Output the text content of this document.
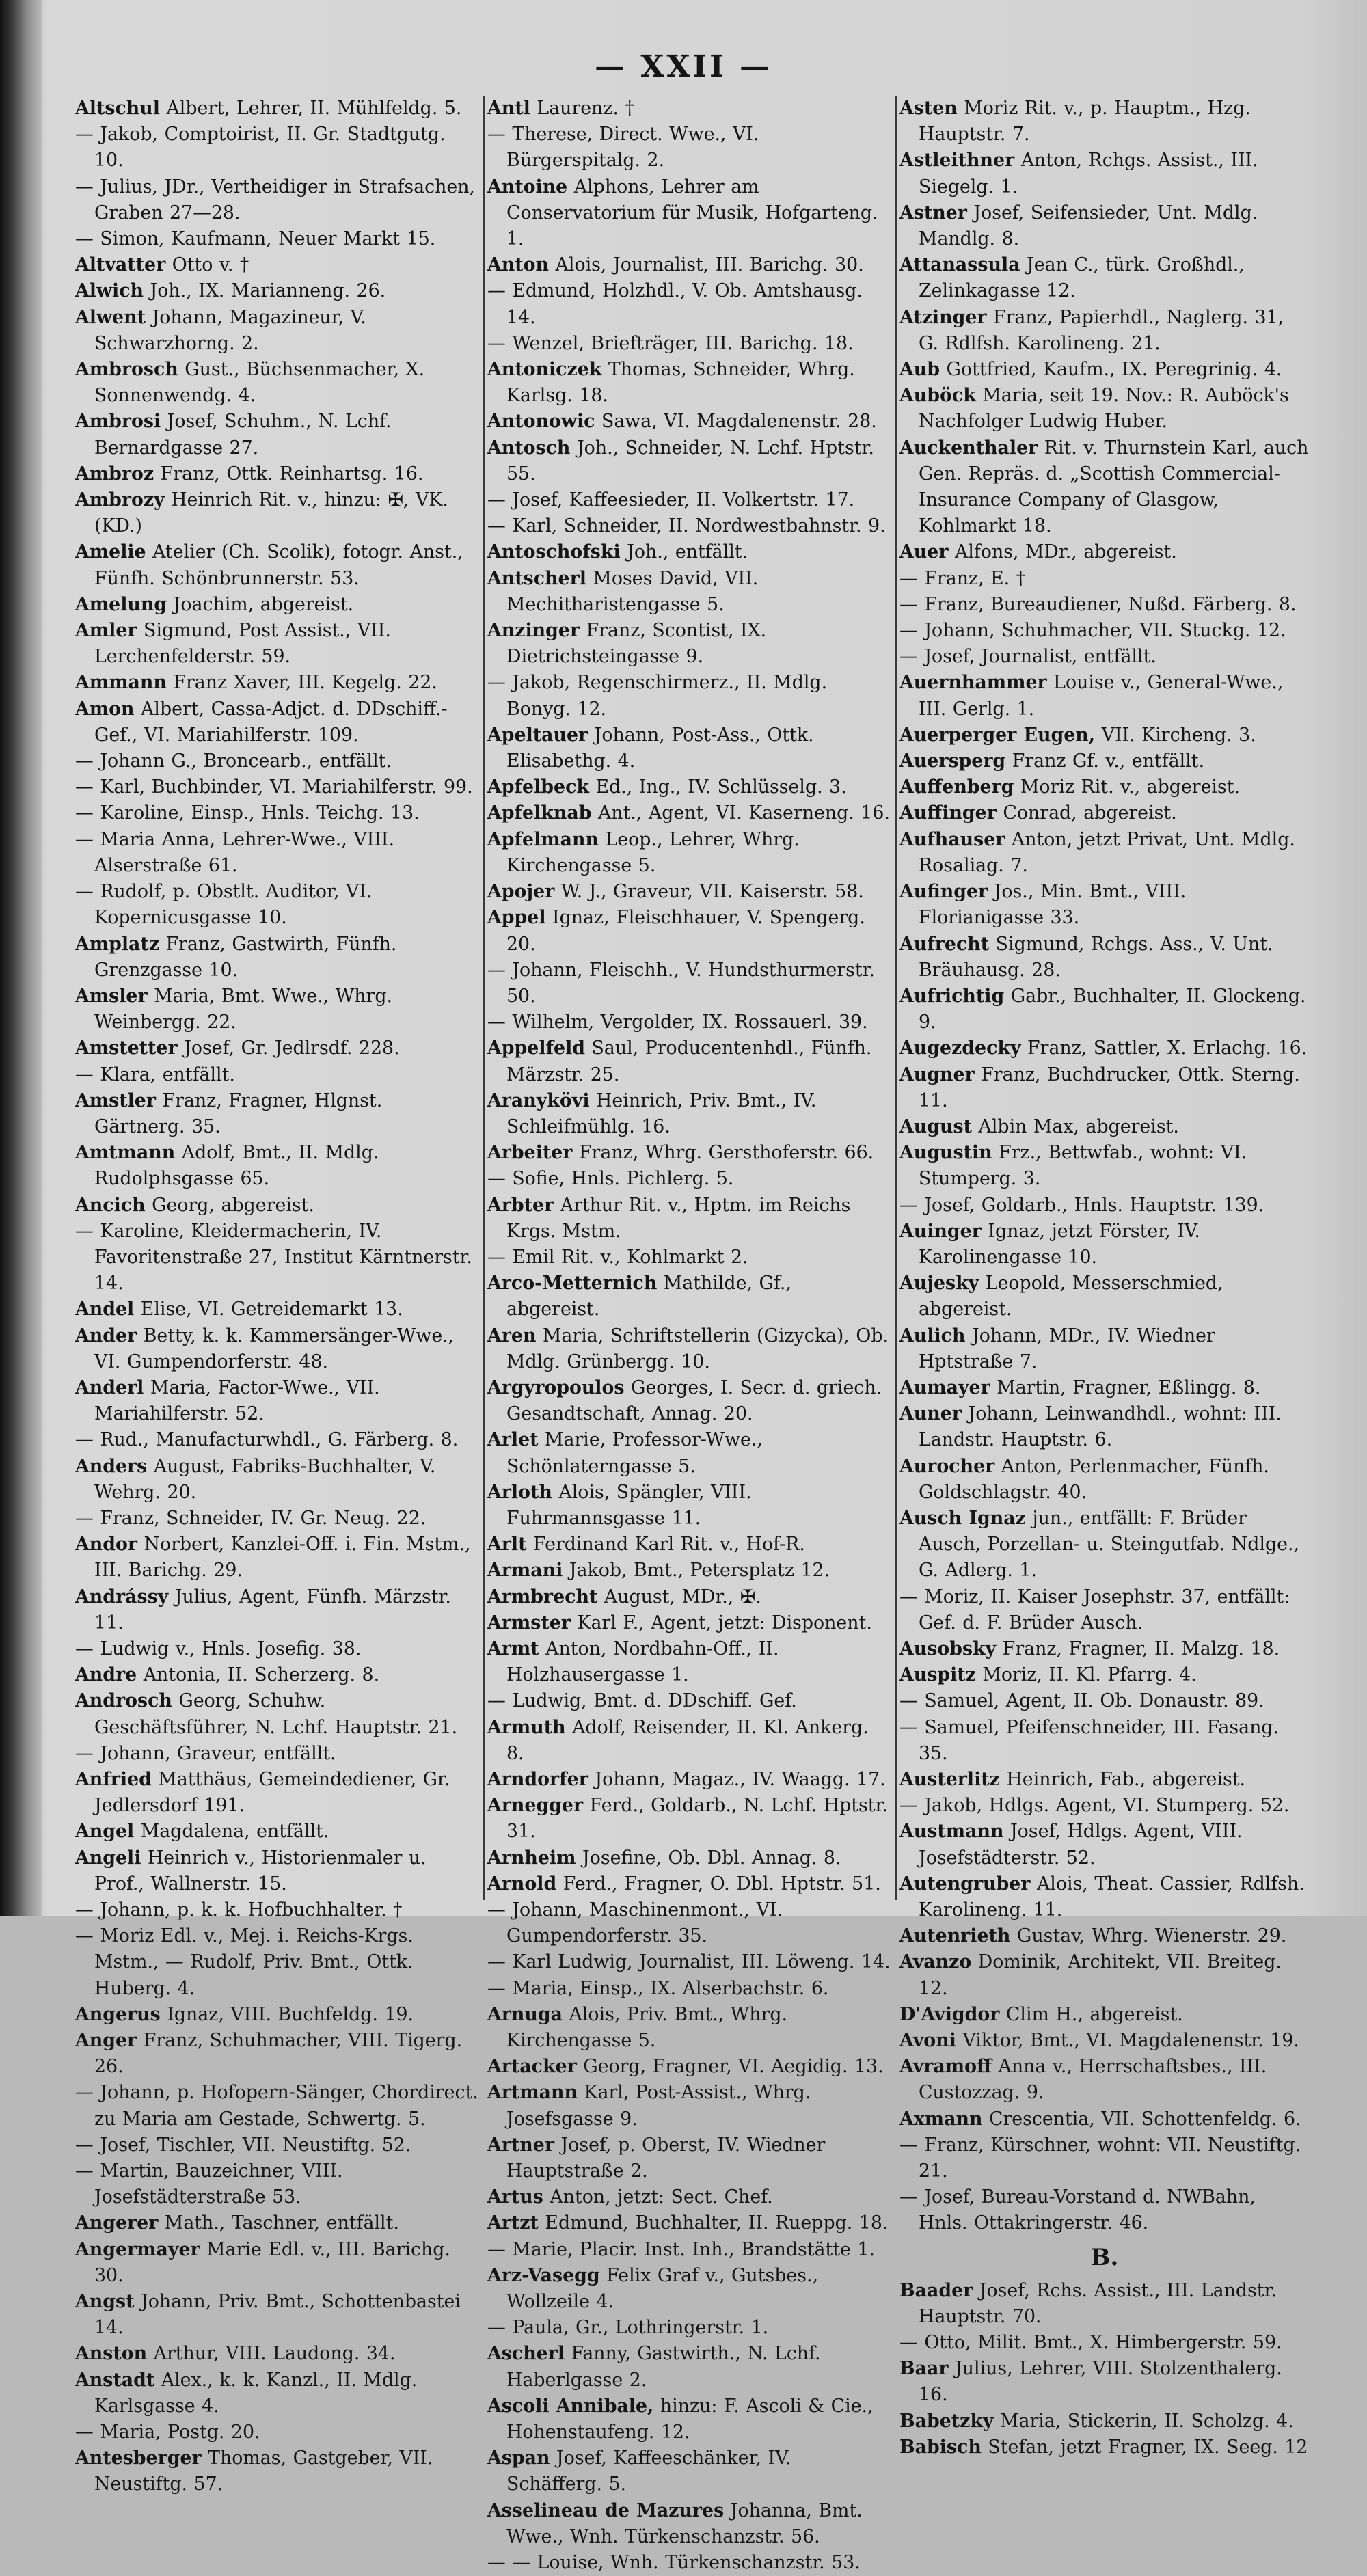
— XXII —
Altschul Albert, Lehrer, II. Mühlfeldg. 5.
— Jakob, Comptoirist, II. Gr. Stadtgutg. 10.
— Julius, JDr., Vertheidiger in Strafsachen, Graben 27—28.
— Simon, Kaufmann, Neuer Markt 15.
Altvatter Otto v. †
Alwich Joh., IX. Marianneng. 26.
Alwent Johann, Magazineur, V. Schwarzhorng. 2.
Ambrosch Gust., Büchsenmacher, X. Sonnenwendg. 4.
Ambrosi Josef, Schuhm., N. Lchf. Bernardgasse 27.
Ambroz Franz, Ottk. Reinhartsg. 16.
Ambrozy Heinrich Rit. v., hinzu: ✠, VK. (KD.)
Amelie Atelier (Ch. Scolik), fotogr. Anst., Fünfh. Schönbrunnerstr. 53.
Amelung Joachim, abgereist.
Amler Sigmund, Post Assist., VII. Lerchenfelderstr. 59.
Ammann Franz Xaver, III. Kegelg. 22.
Amon Albert, Cassa-Adjct. d. DDschiff.-Gef., VI. Mariahilferstr. 109.
— Johann G., Broncearb., entfällt.
— Karl, Buchbinder, VI. Mariahilferstr. 99.
— Karoline, Einsp., Hnls. Teichg. 13.
— Maria Anna, Lehrer-Wwe., VIII. Alserstraße 61.
— Rudolf, p. Obstlt. Auditor, VI. Kopernicusgasse 10.
Amplatz Franz, Gastwirth, Fünfh. Grenzgasse 10.
Amsler Maria, Bmt. Wwe., Whrg. Weinbergg. 22.
Amstetter Josef, Gr. Jedlrsdf. 228.
— Klara, entfällt.
Amstler Franz, Fragner, Hlgnst. Gärtnerg. 35.
Amtmann Adolf, Bmt., II. Mdlg. Rudolphsgasse 65.
Ancich Georg, abgereist.
— Karoline, Kleidermacherin, IV. Favoritenstraße 27, Institut Kärntnerstr. 14.
Andel Elise, VI. Getreidemarkt 13.
Ander Betty, k. k. Kammersänger-Wwe., VI. Gumpendorferstr. 48.
Anderl Maria, Factor-Wwe., VII. Mariahilferstr. 52.
— Rud., Manufacturwhdl., G. Färberg. 8.
Anders August, Fabriks-Buchhalter, V. Wehrg. 20.
— Franz, Schneider, IV. Gr. Neug. 22.
Andor Norbert, Kanzlei-Off. i. Fin. Mstm., III. Barichg. 29.
Andrássy Julius, Agent, Fünfh. Märzstr. 11.
— Ludwig v., Hnls. Josefig. 38.
Andre Antonia, II. Scherzerg. 8.
Androsch Georg, Schuhw. Geschäftsführer, N. Lchf. Hauptstr. 21.
— Johann, Graveur, entfällt.
Anfried Matthäus, Gemeindediener, Gr. Jedlersdorf 191.
Angel Magdalena, entfällt.
Angeli Heinrich v., Historienmaler u. Prof., Wallnerstr. 15.
— Johann, p. k. k. Hofbuchhalter. †
— Moriz Edl. v., Mej. i. Reichs-Krgs. Mstm., — Rudolf, Priv. Bmt., Ottk. Huberg. 4.
Angerus Ignaz, VIII. Buchfeldg. 19.
Anger Franz, Schuhmacher, VIII. Tigerg. 26.
— Johann, p. Hofopern-Sänger, Chordirect. zu Maria am Gestade, Schwertg. 5.
— Josef, Tischler, VII. Neustiftg. 52.
— Martin, Bauzeichner, VIII. Josefstädterstraße 53.
Angerer Math., Taschner, entfällt.
Angermayer Marie Edl. v., III. Barichg. 30.
Angst Johann, Priv. Bmt., Schottenbastei 14.
Anston Arthur, VIII. Laudong. 34.
Anstadt Alex., k. k. Kanzl., II. Mdlg. Karlsgasse 4.
— Maria, Postg. 20.
Antesberger Thomas, Gastgeber, VII. Neustiftg. 57.
Antl Laurenz. †
— Therese, Direct. Wwe., VI. Bürgerspitalg. 2.
Antoine Alphons, Lehrer am Conservatorium für Musik, Hofgarteng. 1.
Anton Alois, Journalist, III. Barichg. 30.
— Edmund, Holzhdl., V. Ob. Amtshausg. 14.
— Wenzel, Briefträger, III. Barichg. 18.
Antoniczek Thomas, Schneider, Whrg. Karlsg. 18.
Antonowic Sawa, VI. Magdalenenstr. 28.
Antosch Joh., Schneider, N. Lchf. Hptstr. 55.
— Josef, Kaffeesieder, II. Volkertstr. 17.
— Karl, Schneider, II. Nordwestbahnstr. 9.
Antoschofski Joh., entfällt.
Antscherl Moses David, VII. Mechitharistengasse 5.
Anzinger Franz, Scontist, IX. Dietrichsteingasse 9.
— Jakob, Regenschirmerz., II. Mdlg. Bonyg. 12.
Apeltauer Johann, Post-Ass., Ottk. Elisabethg. 4.
Apfelbeck Ed., Ing., IV. Schlüsselg. 3.
Apfelknab Ant., Agent, VI. Kaserneng. 16.
Apfelmann Leop., Lehrer, Whrg. Kirchengasse 5.
Apojer W. J., Graveur, VII. Kaiserstr. 58.
Appel Ignaz, Fleischhauer, V. Spengerg. 20.
— Johann, Fleischh., V. Hundsthurmerstr. 50.
— Wilhelm, Vergolder, IX. Rossauerl. 39.
Appelfeld Saul, Producentenhdl., Fünfh. Märzstr. 25.
Aranykövi Heinrich, Priv. Bmt., IV. Schleifmühlg. 16.
Arbeiter Franz, Whrg. Gersthoferstr. 66.
— Sofie, Hnls. Pichlerg. 5.
Arbter Arthur Rit. v., Hptm. im Reichs Krgs. Mstm.
— Emil Rit. v., Kohlmarkt 2.
Arco-Metternich Mathilde, Gf., abgereist.
Aren Maria, Schriftstellerin (Gizycka), Ob. Mdlg. Grünbergg. 10.
Argyropoulos Georges, I. Secr. d. griech. Gesandtschaft, Annag. 20.
Arlet Marie, Professor-Wwe., Schönlaterngasse 5.
Arloth Alois, Spängler, VIII. Fuhrmannsgasse 11.
Arlt Ferdinand Karl Rit. v., Hof-R.
Armani Jakob, Bmt., Petersplatz 12.
Armbrecht August, MDr., ✠.
Armster Karl F., Agent, jetzt: Disponent.
Armt Anton, Nordbahn-Off., II. Holzhausergasse 1.
— Ludwig, Bmt. d. DDschiff. Gef.
Armuth Adolf, Reisender, II. Kl. Ankerg. 8.
Arndorfer Johann, Magaz., IV. Waagg. 17.
Arnegger Ferd., Goldarb., N. Lchf. Hptstr. 31.
Arnheim Josefine, Ob. Dbl. Annag. 8.
Arnold Ferd., Fragner, O. Dbl. Hptstr. 51.
— Johann, Maschinenmont., VI. Gumpendorferstr. 35.
— Karl Ludwig, Journalist, III. Löweng. 14.
— Maria, Einsp., IX. Alserbachstr. 6.
Arnuga Alois, Priv. Bmt., Whrg. Kirchengasse 5.
Artacker Georg, Fragner, VI. Aegidig. 13.
Artmann Karl, Post-Assist., Whrg. Josefsgasse 9.
Artner Josef, p. Oberst, IV. Wiedner Hauptstraße 2.
Artus Anton, jetzt: Sect. Chef.
Artzt Edmund, Buchhalter, II. Rueppg. 18.
— Marie, Placir. Inst. Inh., Brandstätte 1.
Arz-Vasegg Felix Graf v., Gutsbes., Wollzeile 4.
— Paula, Gr., Lothringerstr. 1.
Ascherl Fanny, Gastwirth., N. Lchf. Haberlgasse 2.
Ascoli Annibale, hinzu: F. Ascoli & Cie., Hohenstaufeng. 12.
Aspan Josef, Kaffeeschänker, IV. Schäfferg. 5.
Asselineau de Mazures Johanna, Bmt. Wwe., Wnh. Türkenschanzstr. 56.
— — Louise, Wnh. Türkenschanzstr. 53.
Asten Moriz Rit. v., p. Hauptm., Hzg. Hauptstr. 7.
Astleithner Anton, Rchgs. Assist., III. Siegelg. 1.
Astner Josef, Seifensieder, Unt. Mdlg. Mandlg. 8.
Attanassula Jean C., türk. Großhdl., Zelinkagasse 12.
Atzinger Franz, Papierhdl., Naglerg. 31, G. Rdlfsh. Karolineng. 21.
Aub Gottfried, Kaufm., IX. Peregrinig. 4.
Auböck Maria, seit 19. Nov.: R. Auböck's Nachfolger Ludwig Huber.
Auckenthaler Rit. v. Thurnstein Karl, auch Gen. Repräs. d. „Scottish Commercial-Insurance Company of Glasgow, Kohlmarkt 18.
Auer Alfons, MDr., abgereist.
— Franz, E. †
— Franz, Bureaudiener, Nußd. Färberg. 8.
— Johann, Schuhmacher, VII. Stuckg. 12.
— Josef, Journalist, entfällt.
Auernhammer Louise v., General-Wwe., III. Gerlg. 1.
Auerperger Eugen, VII. Kircheng. 3.
Auersperg Franz Gf. v., entfällt.
Auffenberg Moriz Rit. v., abgereist.
Auffinger Conrad, abgereist.
Aufhauser Anton, jetzt Privat, Unt. Mdlg. Rosaliag. 7.
Aufinger Jos., Min. Bmt., VIII. Florianigasse 33.
Aufrecht Sigmund, Rchgs. Ass., V. Unt. Bräuhausg. 28.
Aufrichtig Gabr., Buchhalter, II. Glockeng. 9.
Augezdecky Franz, Sattler, X. Erlachg. 16.
Augner Franz, Buchdrucker, Ottk. Sterng. 11.
August Albin Max, abgereist.
Augustin Frz., Bettwfab., wohnt: VI. Stumperg. 3.
— Josef, Goldarb., Hnls. Hauptstr. 139.
Auinger Ignaz, jetzt Förster, IV. Karolinengasse 10.
Aujesky Leopold, Messerschmied, abgereist.
Aulich Johann, MDr., IV. Wiedner Hptstraße 7.
Aumayer Martin, Fragner, Eßlingg. 8.
Auner Johann, Leinwandhdl., wohnt: III. Landstr. Hauptstr. 6.
Aurocher Anton, Perlenmacher, Fünfh. Goldschlagstr. 40.
Ausch Ignaz jun., entfällt: F. Brüder Ausch, Porzellan- u. Steingutfab. Ndlge., G. Adlerg. 1.
— Moriz, II. Kaiser Josephstr. 37, entfällt: Gef. d. F. Brüder Ausch.
Ausobsky Franz, Fragner, II. Malzg. 18.
Auspitz Moriz, II. Kl. Pfarrg. 4.
— Samuel, Agent, II. Ob. Donaustr. 89.
— Samuel, Pfeifenschneider, III. Fasang. 35.
Austerlitz Heinrich, Fab., abgereist.
— Jakob, Hdlgs. Agent, VI. Stumperg. 52.
Austmann Josef, Hdlgs. Agent, VIII. Josefstädterstr. 52.
Autengruber Alois, Theat. Cassier, Rdlfsh. Karolineng. 11.
Autenrieth Gustav, Whrg. Wienerstr. 29.
Avanzo Dominik, Architekt, VII. Breiteg. 12.
D'Avigdor Clim H., abgereist.
Avoni Viktor, Bmt., VI. Magdalenenstr. 19.
Avramoff Anna v., Herrschaftsbes., III. Custozzag. 9.
Axmann Crescentia, VII. Schottenfeldg. 6.
— Franz, Kürschner, wohnt: VII. Neustiftg. 21.
— Josef, Bureau-Vorstand d. NWBahn, Hnls. Ottakringerstr. 46.
B.
Baader Josef, Rchs. Assist., III. Landstr. Hauptstr. 70.
— Otto, Milit. Bmt., X. Himbergerstr. 59.
Baar Julius, Lehrer, VIII. Stolzenthalerg. 16.
Babetzky Maria, Stickerin, II. Scholzg. 4.
Babisch Stefan, jetzt Fragner, IX. Seeg. 12
